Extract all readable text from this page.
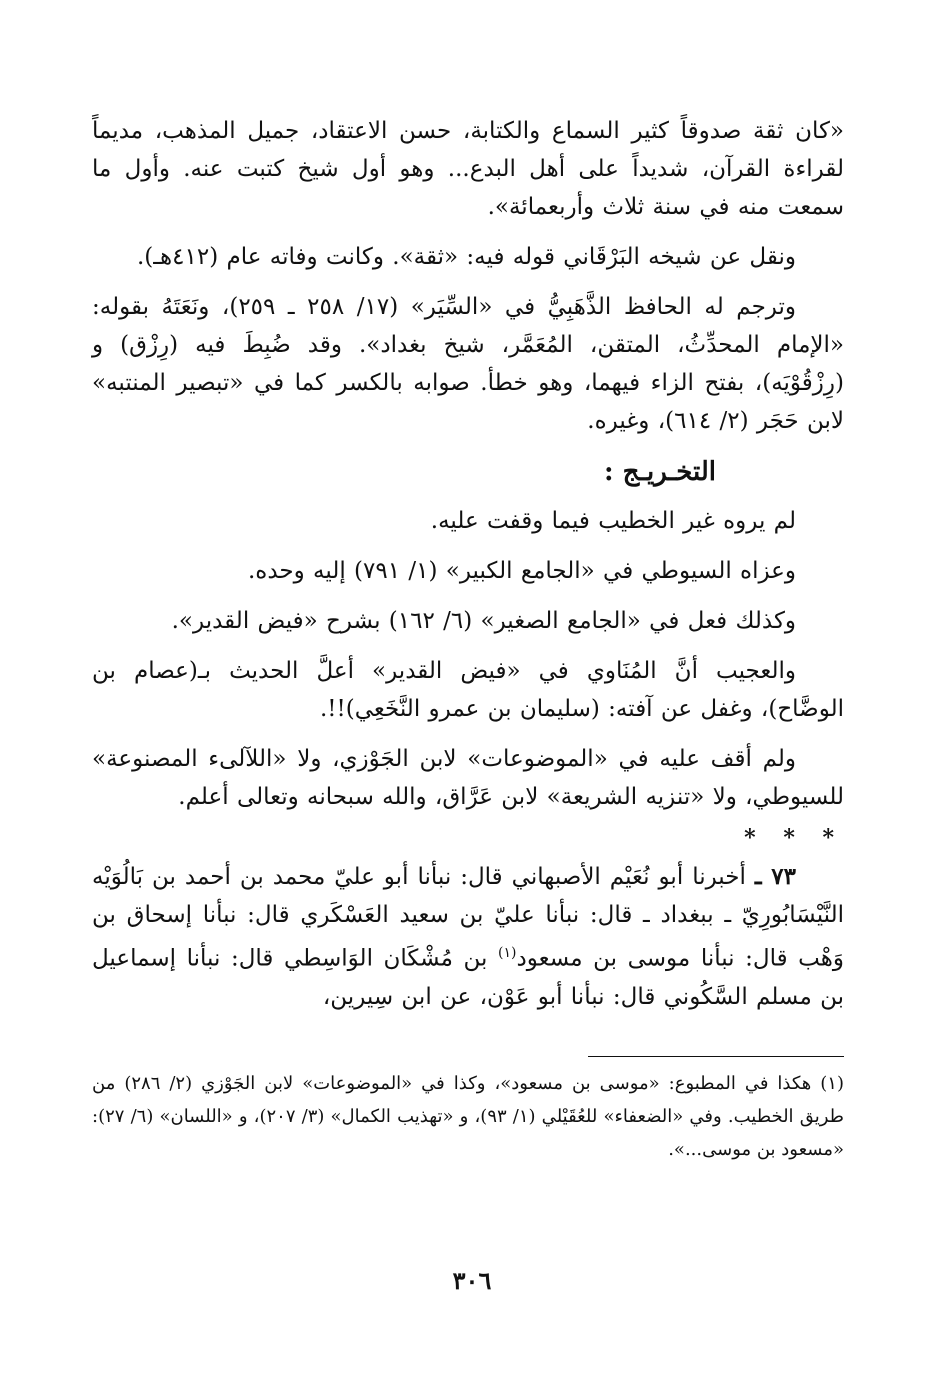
«كان ثقة صدوقاً كثير السماع والكتابة، حسن الاعتقاد، جميل المذهب، مديماً لقراءة القرآن، شديداً على أهل البدع... وهو أول شيخ كتبت عنه. وأول ما سمعت منه في سنة ثلاث وأربعمائة».

ونقل عن شيخه البَرْقَاني قوله فيه: «ثقة». وكانت وفاته عام (٤١٢هـ).

وترجم له الحافظ الذَّهَبِيُّ في «السِّيَر» (١٧/ ٢٥٨ ـ ٢٥٩)، ونَعَتَهُ بقوله: «الإمام المحدِّثُ، المتقن، المُعَمَّر، شيخ بغداد». وقد ضُبِطَ فيه (رِزْق) و (رِزْقُوْيَه)، بفتح الزاء فيهما، وهو خطأ. صوابه بالكسر كما في «تبصير المنتبه» لابن حَجَر (٢/ ٦١٤)، وغيره.

التخـريـج :

لم يروه غير الخطيب فيما وقفت عليه.

وعزاه السيوطي في «الجامع الكبير» (١/ ٧٩١) إليه وحده.

وكذلك فعل في «الجامع الصغير» (٦/ ١٦٢) بشرح «فيض القدير».

والعجيب أنَّ المُنَاوي في «فيض القدير» أعلَّ الحديث بـ(عصام بن الوضَّاح)، وغفل عن آفته: (سليمان بن عمرو النَّخَعِي)!!.

ولم أقف عليه في «الموضوعات» لابن الجَوْزي، ولا «اللآلىء المصنوعة» للسيوطي، ولا «تنزيه الشريعة» لابن عَرَّاق، والله سبحانه وتعالى أعلم.

* * *

٧٣ ـ أخبرنا أبو نُعَيْم الأصبهاني قال: نبأنا أبو عليّ محمد بن أحمد بن بَالُوَيْه النَّيْسَابُورِيّ ـ ببغداد ـ قال: نبأنا عليّ بن سعيد العَسْكَري قال: نبأنا إسحاق بن وَهْب قال: نبأنا موسى بن مسعود$^{(١)}$ بن مُشْكَان الوَاسِطي قال: نبأنا إسماعيل بن مسلم السَّكُوني قال: نبأنا أبو عَوْن، عن ابن سِيرين،

(١) هكذا في المطبوع: «موسى بن مسعود»، وكذا في «الموضوعات» لابن الجَوْزي (٢/ ٢٨٦) من طريق الخطيب. وفي «الضعفاء» للعُقَيْلي (١/ ٩٣)، و «تهذيب الكمال» (٣/ ٢٠٧)، و «اللسان» (٦/ ٢٧): «مسعود بن موسى...».

٣٠٦
